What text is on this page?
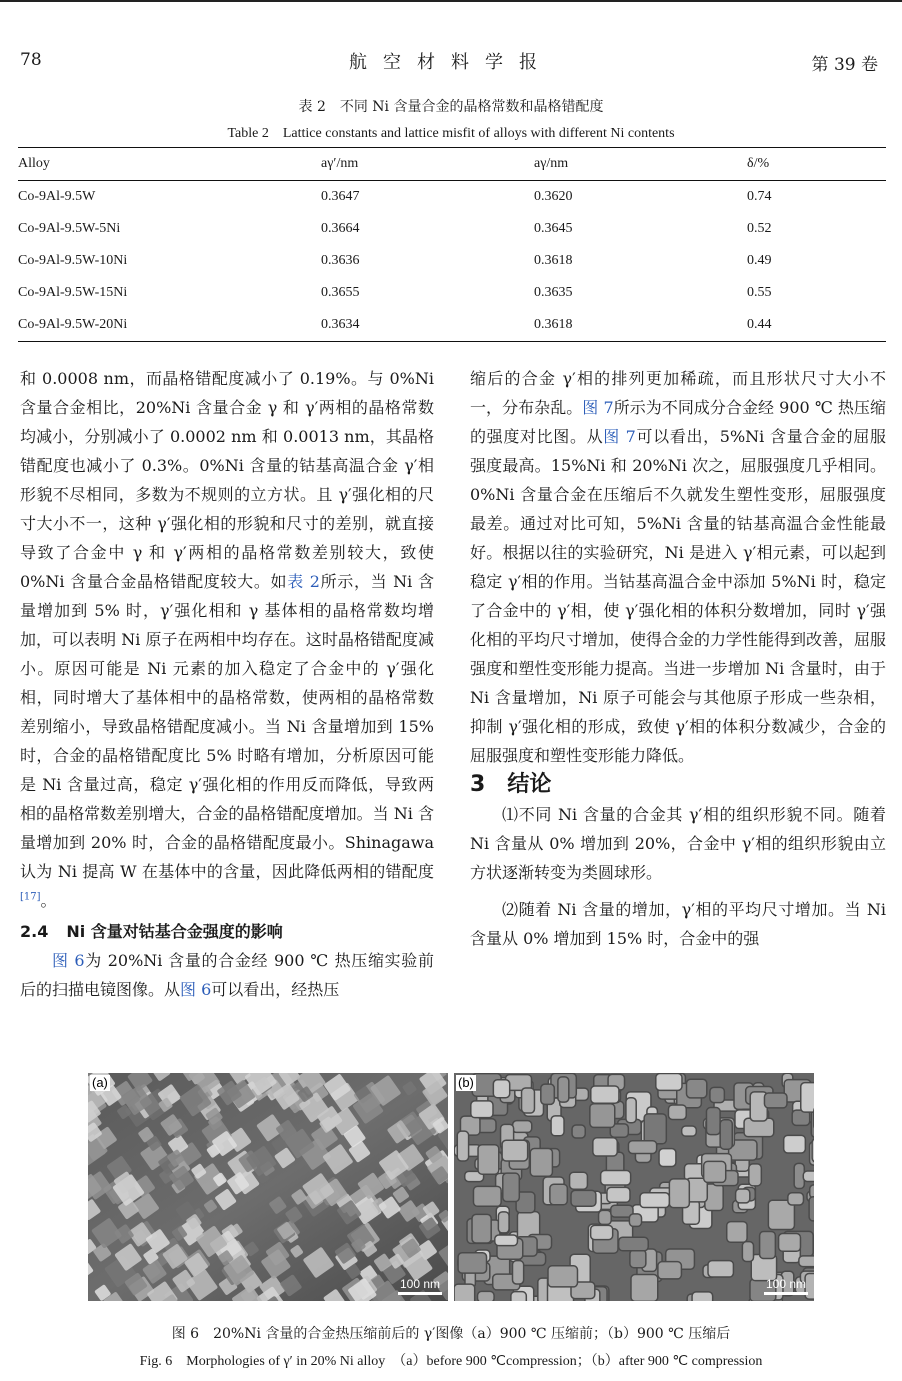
78	航空材料学报	第 39 卷
表 2　不同 Ni 含量合金的晶格常数和晶格错配度
Table 2　Lattice constants and lattice misfit of alloys with different Ni contents
Alloy	aγ′/nm	aγ/nm	δ/%
Co-9Al-9.5W	0.3647	0.3620	0.74
Co-9Al-9.5W-5Ni	0.3664	0.3645	0.52
Co-9Al-9.5W-10Ni	0.3636	0.3618	0.49
Co-9Al-9.5W-15Ni	0.3655	0.3635	0.55
Co-9Al-9.5W-20Ni	0.3634	0.3618	0.44

和 0.0008 nm，而晶格错配度减小了 0.19%。与 0%Ni 含量合金相比，20%Ni 含量合金 γ 和 γ′两相的晶格常数均减小，分别减小了 0.0002 nm 和 0.0013 nm，其晶格错配度也减小了 0.3%。0%Ni 含量的钴基高温合金 γ′相形貌不尽相同，多数为不规则的立方状。且 γ′强化相的尺寸大小不一，这种 γ′强化相的形貌和尺寸的差别，就直接导致了合金中 γ 和 γ′两相的晶格常数差别较大，致使 0%Ni 含量合金晶格错配度较大。如表 2所示，当 Ni 含量增加到 5% 时，γ′强化相和 γ 基体相的晶格常数均增加，可以表明 Ni 原子在两相中均存在。这时晶格错配度减小。原因可能是 Ni 元素的加入稳定了合金中的 γ′强化相，同时增大了基体相中的晶格常数，使两相的晶格常数差别缩小，导致晶格错配度减小。当 Ni 含量增加到 15% 时，合金的晶格错配度比 5% 时略有增加，分析原因可能是 Ni 含量过高，稳定 γ′强化相的作用反而降低，导致两相的晶格常数差别增大，合金的晶格错配度增加。当 Ni 含量增加到 20% 时，合金的晶格错配度最小。Shinagawa 认为 Ni 提高 W 在基体中的含量，因此降低两相的错配度[17]。

2.4 Ni 含量对钴基合金强度的影响

图 6为 20%Ni 含量的合金经 900 ℃ 热压缩实验前后的扫描电镜图像。从图 6可以看出，经热压

缩后的合金 γ′相的排列更加稀疏，而且形状尺寸大小不一，分布杂乱。图 7所示为不同成分合金经 900 ℃ 热压缩的强度对比图。从图 7可以看出，5%Ni 含量合金的屈服强度最高。15%Ni 和 20%Ni 次之，屈服强度几乎相同。0%Ni 含量合金在压缩后不久就发生塑性变形，屈服强度最差。通过对比可知，5%Ni 含量的钴基高温合金性能最好。根据以往的实验研究，Ni 是进入 γ′相元素，可以起到稳定 γ′相的作用。当钴基高温合金中添加 5%Ni 时，稳定了合金中的 γ′相，使 γ′强化相的体积分数增加，同时 γ′强化相的平均尺寸增加，使得合金的力学性能得到改善，屈服强度和塑性变形能力提高。当进一步增加 Ni 含量时，由于 Ni 含量增加，Ni 原子可能会与其他原子形成一些杂相，抑制 γ′强化相的形成，致使 γ′相的体积分数减少，合金的屈服强度和塑性变形能力降低。

3 结论

⑴不同 Ni 含量的合金其 γ′相的组织形貌不同。随着 Ni 含量从 0% 增加到 20%，合金中 γ′相的组织形貌由立方状逐渐转变为类圆球形。

⑵随着 Ni 含量的增加，γ′相的平均尺寸增加。当 Ni 含量从 0% 增加到 15% 时，合金中的强

(a)
100 nm
(b)
100 nm
图 6　20%Ni 含量的合金热压缩前后的 γ′图像（a）900 ℃ 压缩前；（b）900 ℃ 压缩后
Fig. 6　Morphologies of γ′ in 20% Ni alloy　（a）before 900 ℃compression；（b）after 900 ℃ compression
